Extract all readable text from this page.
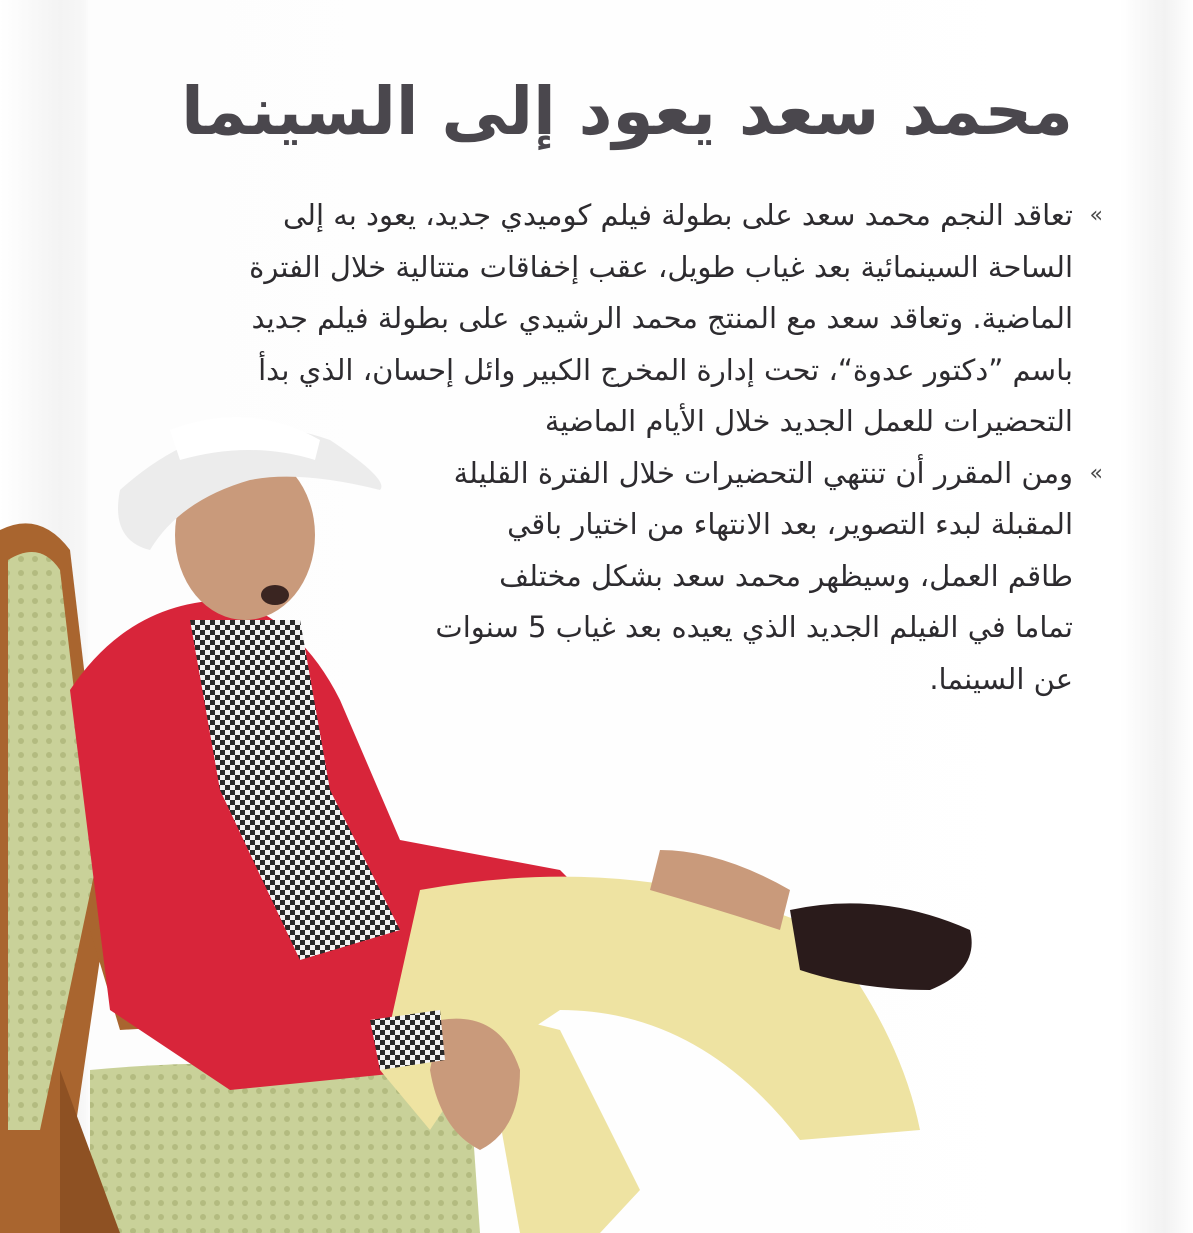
محمد سعد يعود إلى السينما
»
تعاقد النجم محمد سعد على بطولة فيلم كوميدي جديد، يعود به إلى الساحة السينمائية بعد غياب طويل، عقب إخفاقات متتالية خلال الفترة الماضية. وتعاقد سعد مع المنتج محمد الرشيدي على بطولة فيلم جديد باسم ”دكتور عدوة“، تحت إدارة المخرج الكبير وائل إحسان، الذي بدأ التحضيرات للعمل الجديد خلال الأيام الماضية
»
ومن المقرر أن تنتهي التحضيرات خلال الفترة القليلة المقبلة لبدء التصوير، بعد الانتهاء من اختيار باقي طاقم العمل، وسيظهر محمد سعد بشكل مختلف تماما في الفيلم الجديد الذي يعيده بعد غياب 5 سنوات عن السينما.
